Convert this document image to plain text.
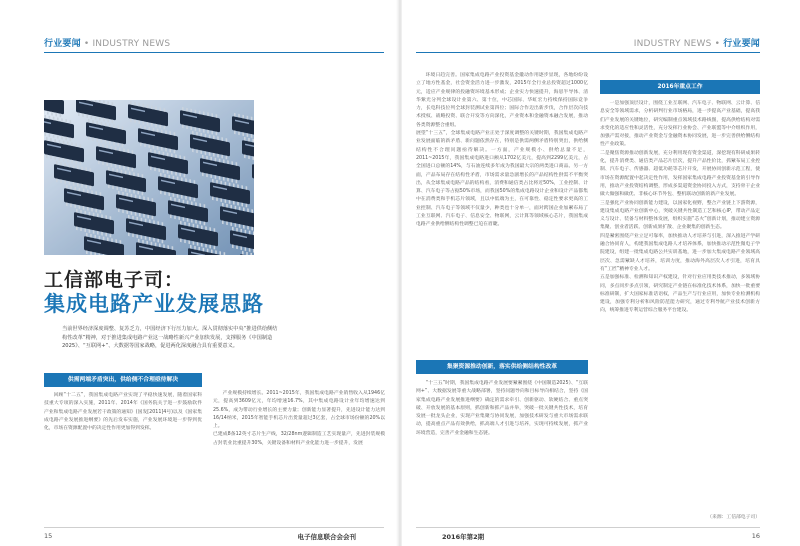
行业要闻 • INDUSTRY NEWS
工信部电子司：
集成电路产业发展思路
当前世界经济深度调整、复苏乏力，中国经济下行压力加大。深入贯彻落实中央“推进供给侧结构性改革”精神，对于推进集成电路产业这一战略性新兴产业加快发展，支撑服务《中国制造2025》、“互联网+”、大数据等国家战略，促进两化深度融合具有重要意义。
供需两端矛盾突出，供给侧不合理亟待解决

回顾“十二五”，我国集成电路产业实现了平稳快速发展，随着国家科技重大专项的深入实施，2011年、2014年《国务院关于进一步鼓励软件产业和集成电路产业发展若干政策的通知》(国发[2011]4号)以及《国家集成电路产业发展推进纲要》的先后发布实施，产业发展环境进一步得到优化，市场在资源配置中的决定性作用更加得到发挥。

产业规模持续增长。2011~2015年，我国集成电路产业销售收入从1946亿元，提高到3609亿元，年均增速16.7%，其中集成电路设计业年均增速达到25.6%，成为带动行业增长的主要力量；创新能力显著提升，先进设计能力达到16/14纳米，2015年智能手机芯片出货量超过3亿套，占全球市场份额的20%以上。
已建成8条12英寸芯片生产线，32/28nm逻辑制造工艺实现量产，先进封装规模占封装业比重提升30%，关键设备和材料产业化能力进一步提升，发展

15	电子信息联合会会刊
INDUSTRY NEWS • 行业要闻

环境日趋完善。国家集成电路产业投资基金撬动作用逐步显现，各地纷纷设立了地方性基金，社会资金活力进一步激发，2015年全行业总投资超过1000亿元，适应产业规律的投融资环境基本形成；企业实力快速提升，海思半导体、清华紫光分列全球设计业第六、第十位，中芯国际、华虹宏力持续保持国际竞争力，长电科技位列全球封装测试业第四位；国际合作迈出新步伐，合作层次向技术授权、战略投资、联合开发等方向深化，产业资本和金融资本融合发展，推动各类资源整合重组。
展望“十三五”，全球集成电路产业正处于深度调整的关键时期，我国集成电路产业发展面临的新矛盾、新问题依然存在，特别是供需两侧矛盾特别突出，供给侧结构性不合理问题亟待解决。一方面，产业规模小、供给总量不足，2011~2015年，我国集成电路进口额从1702亿美元，提高到2299亿美元，占全国进口总额的14%，与石油连续多年成为我国最大宗的两类进口商品。另一方面，产品布局存在结构性矛盾，市场需求量急剧增长的产品结构性供需不平衡突出，从全球集成电路产品的结构看，消费和通信类占比将近50%，工业控制、计算、汽车电子等占据50%市场，而我国50%的集成电路设计企业和设计产品都集中在消费类和手机芯片领域，且以中低端为主，在可靠性、稳定性要求更高的工业控制、汽车电子等领域不仅量少，种类也十分单一，面对跨国企业加紧布局了工业互联网、汽车电子、信息安全、物联网，云计算等领域核心芯片，我国集成电路产业供给侧结构性调整已迫在眉睫。

集聚资源推动创新，落实供给侧结构性改革

“十三五”时期，我国集成电路产业发展要紧紧围绕《中国制造2025》、“互联网+”、大数据发展等重大战略部署，坚持问题导向和目标导向相结合，坚持《国家集成电路产业发展推进纲要》确定的需求牵引、创新驱动、软硬结合、重点突破、开放发展的基本原则，抓创新和抓产品并举，突破一批关键共性技术，培育发展一批龙头企业，实现产业集聚与协同发展，加强技术研发与重大市场需求联动，提高重点产品有效供给，抓高端人才引进与培养，实现可持续发展，抓产业环境营造，完善产业金融和生态链。

2016年重点工作

一是加强顶层设计，围绕工业互联网、汽车电子、物联网、云计算、信息安全等领域需求，分析研判行业市场格局，进一步提高产业基础，提高我们产业发展的关键地位，研究编制重点领域技术路线图，提高供给结构对需求变化的适应性和灵活性，充分发挥行业协会、产业联盟等中介组织作用，加强产需对接，推动产业资金与金融资本协同发展，进一步完善供给侧结构性产业政策。
二是聚焦资源推动创新发展，充分利用现有资金渠道，深挖现有科研成果转化，提升消费类、通信类产品芯片层次，提升产品性价比，抓紧布局工业控制、汽车电子、传感器、超低功耗等芯片开发，开展协同创新示范工程，使市场在资源配置中起决定性作用，发挥国家集成电路产业投资基金的引导作用，推动产业投资结构调整，形成多渠道资金协同投入方式，支持骨干企业做大做强和做优、非核心环节外包、整机联动创新的新产业发展。
三是强化产业协同创新能力建设，以国家化视野，整合产业链上下游资源，建设集成电路产业创新中心，突破关键共性制造工艺和核心IP，带动产品定义与设计、装备与材料整体发展，组织实施“芯火”创新计划，推动建立资源集聚、创业者活跃、创新成果扩散、企业聚集的创新生态。
四是紧密围绕产业立足可靠率，加快推动人才培养与引进，深入推进产学研融合协同育人，构建我国集成电路人才培养体系，加快推动示范性微电子学院建设，组建一批集成电路公共实训基地，进一步加大集成电路产业领域高层次、急需紧缺人才培养，培训力度，推动海外高层次人才引进，培育具有“工匠”精神专业人才。
五是加强标准、检测和知识产权建设，针对行业应用类技术推动，多领域协同，多点同步多点引领，研究制定产业链在标准化技术体系，加快一批重要标准研制，扩大国家标准话语权，产品生产与行业应用，加快专业检测机构建设，加强专利分析和风险防范能力研究，通过专利导航产业技术创新方向，统筹推进专利运营综合服务平台建设。

（来源：工信部电子司）
2016年第2期	16
